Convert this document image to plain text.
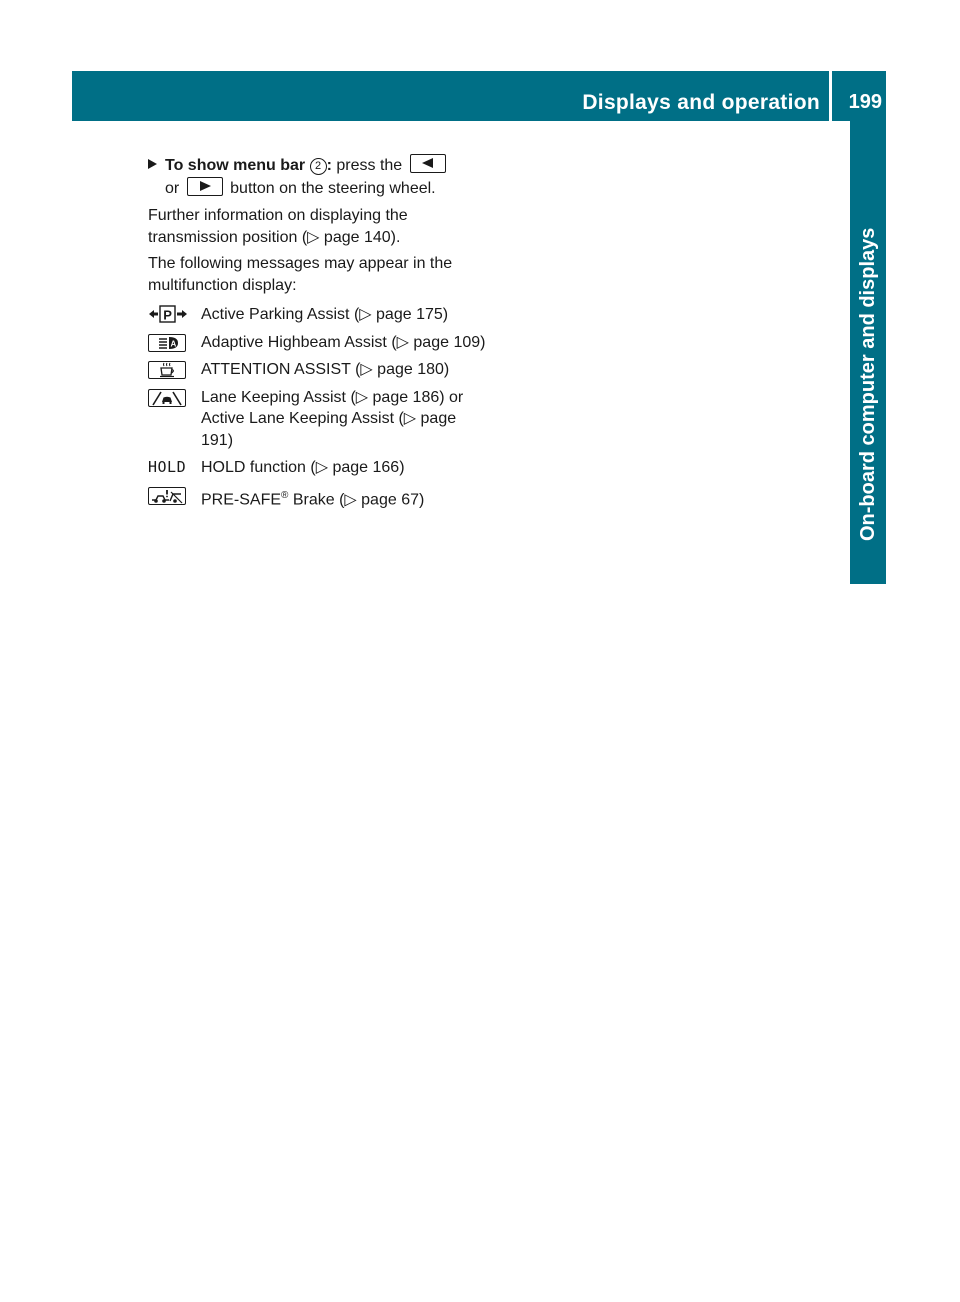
Displays and operation 199
On-board computer and displays
To show menu bar 2 : press the

or	button on the steering wheel.
Further information on displaying the transmission position (▷ page 140).
The following messages may appear in the multifunction display:
P Active Parking Assist (▷ page 175)
A Adaptive Highbeam Assist (▷ page 109)
ATTENTION ASSIST (▷ page 180)
Lane Keeping Assist (▷ page 186) or Active Lane Keeping Assist (▷ page 191)
HOLD HOLD function (▷ page 166)
PRE-SAFE® Brake (▷ page 67)
